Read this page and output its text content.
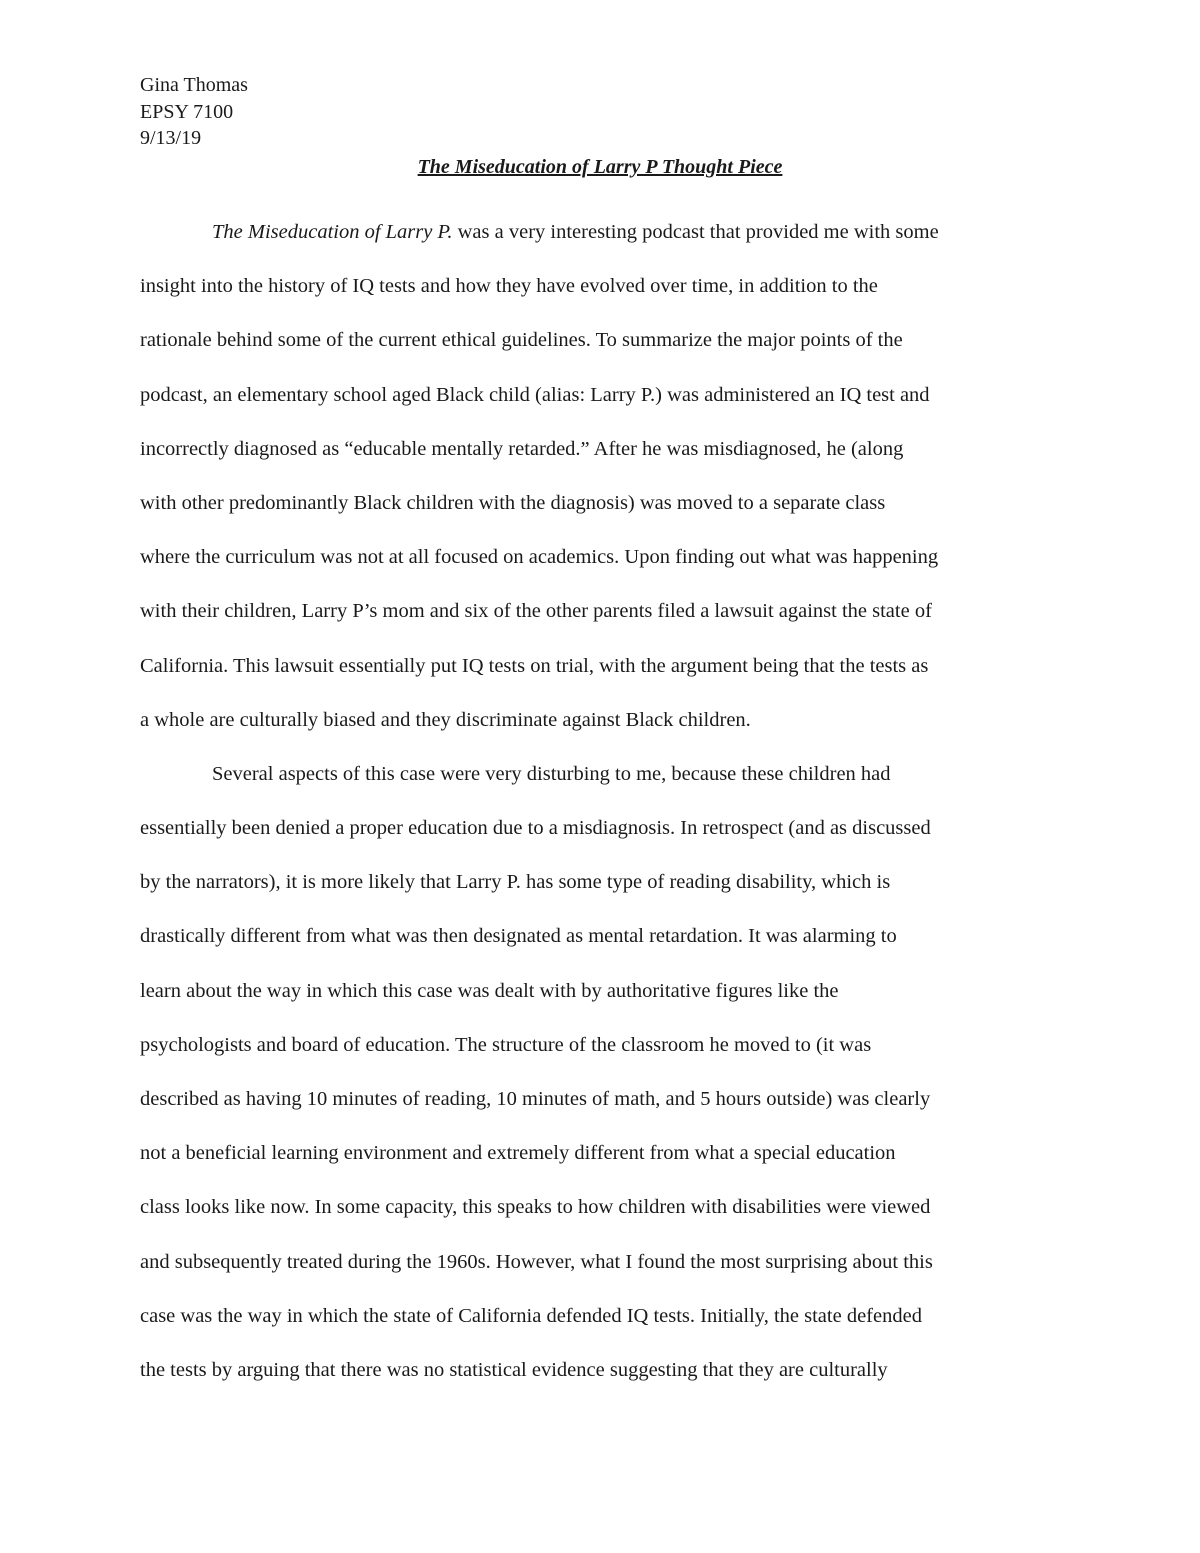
Gina Thomas
EPSY 7100
9/13/19
The Miseducation of Larry P Thought Piece
The Miseducation of Larry P. was a very interesting podcast that provided me with some
insight into the history of IQ tests and how they have evolved over time, in addition to the
rationale behind some of the current ethical guidelines. To summarize the major points of the
podcast, an elementary school aged Black child (alias: Larry P.) was administered an IQ test and
incorrectly diagnosed as “educable mentally retarded.” After he was misdiagnosed, he (along
with other predominantly Black children with the diagnosis) was moved to a separate class
where the curriculum was not at all focused on academics. Upon finding out what was happening
with their children, Larry P’s mom and six of the other parents filed a lawsuit against the state of
California. This lawsuit essentially put IQ tests on trial, with the argument being that the tests as
a whole are culturally biased and they discriminate against Black children.
Several aspects of this case were very disturbing to me, because these children had
essentially been denied a proper education due to a misdiagnosis. In retrospect (and as discussed
by the narrators), it is more likely that Larry P. has some type of reading disability, which is
drastically different from what was then designated as mental retardation. It was alarming to
learn about the way in which this case was dealt with by authoritative figures like the
psychologists and board of education. The structure of the classroom he moved to (it was
described as having 10 minutes of reading, 10 minutes of math, and 5 hours outside) was clearly
not a beneficial learning environment and extremely different from what a special education
class looks like now. In some capacity, this speaks to how children with disabilities were viewed
and subsequently treated during the 1960s. However, what I found the most surprising about this
case was the way in which the state of California defended IQ tests. Initially, the state defended
the tests by arguing that there was no statistical evidence suggesting that they are culturally
